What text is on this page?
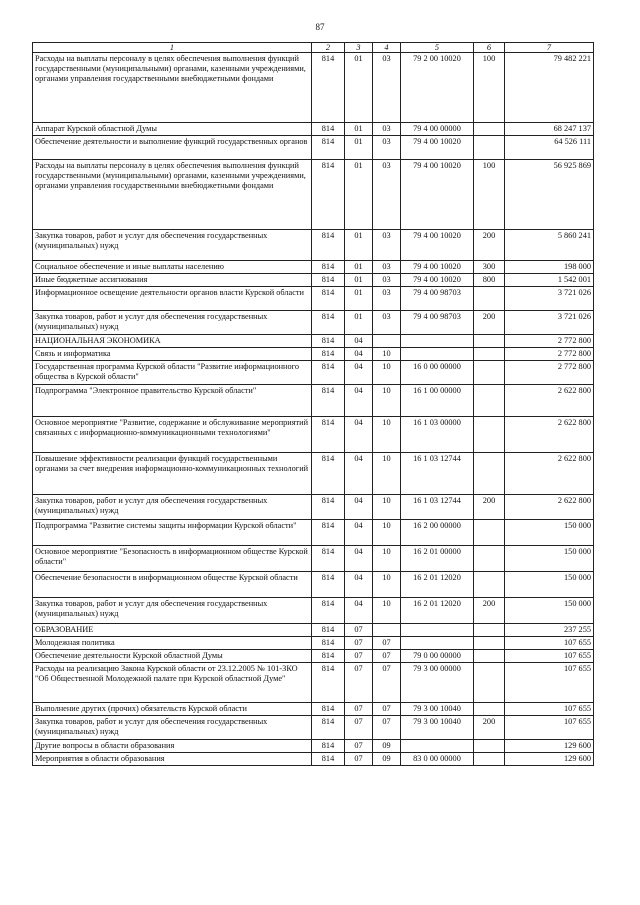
87
1	2	3	4	5	6	7
Расходы на выплаты персоналу в целях обеспечения выполнения функций государственными (муниципальными) органами, казенными учреждениями, органами управления государственными внебюджетными фондами	814	01	03	79 2 00 10020	100	79 482 221
Аппарат Курской областной Думы	814	01	03	79 4 00 00000		68 247 137
Обеспечение деятельности и выполнение функций государственных органов	814	01	03	79 4 00 10020		64 526 111
Расходы на выплаты персоналу в целях обеспечения выполнения функций государственными (муниципальными) органами, казенными учреждениями, органами управления государственными внебюджетными фондами	814	01	03	79 4 00 10020	100	56 925 869
Закупка товаров, работ и услуг для обеспечения государственных (муниципальных) нужд	814	01	03	79 4 00 10020	200	5 860 241
Социальное обеспечение и иные выплаты населению	814	01	03	79 4 00 10020	300	198 000
Иные бюджетные ассигнования	814	01	03	79 4 00 10020	800	1 542 001
Информационное освещение деятельности органов власти Курской области	814	01	03	79 4 00 98703		3 721 026
Закупка товаров, работ и услуг для обеспечения государственных (муниципальных) нужд	814	01	03	79 4 00 98703	200	3 721 026
НАЦИОНАЛЬНАЯ ЭКОНОМИКА	814	04				2 772 800
Связь и информатика	814	04	10			2 772 800
Государственная программа Курской области "Развитие информационного общества в Курской области"	814	04	10	16 0 00 00000		2 772 800
Подпрограмма "Электронное правительство Курской области"	814	04	10	16 1 00 00000		2 622 800
Основное мероприятие "Развитие, содержание и обслуживание мероприятий связанных с информационно-коммуникационными технологиями"	814	04	10	16 1 03 00000		2 622 800
Повышение эффективности реализации функций государственными органами за счет внедрения информационно-коммуникационных технологий	814	04	10	16 1 03 12744		2 622 800
Закупка товаров, работ и услуг для обеспечения государственных (муниципальных) нужд	814	04	10	16 1 03 12744	200	2 622 800
Подпрограмма "Развитие системы защиты информации Курской области"	814	04	10	16 2 00 00000		150 000
Основное мероприятие "Безопасность в информационном обществе Курской области"	814	04	10	16 2 01 00000		150 000
Обеспечение безопасности в информационном обществе Курской области	814	04	10	16 2 01 12020		150 000
Закупка товаров, работ и услуг для обеспечения государственных (муниципальных) нужд	814	04	10	16 2 01 12020	200	150 000
ОБРАЗОВАНИЕ	814	07				237 255
Молодежная политика	814	07	07			107 655
Обеспечение деятельности Курской областной Думы	814	07	07	79 0 00 00000		107 655
Расходы на реализацию Закона Курской области от 23.12.2005 № 101-ЗКО "Об Общественной Молодежной палате при Курской областной Думе"	814	07	07	79 3 00 00000		107 655
Выполнение других (прочих) обязательств Курской области	814	07	07	79 3 00 10040		107 655
Закупка товаров, работ и услуг для обеспечения государственных (муниципальных) нужд	814	07	07	79 3 00 10040	200	107 655
Другие вопросы в области образования	814	07	09			129 600
Мероприятия в области образования	814	07	09	83 0 00 00000		129 600
